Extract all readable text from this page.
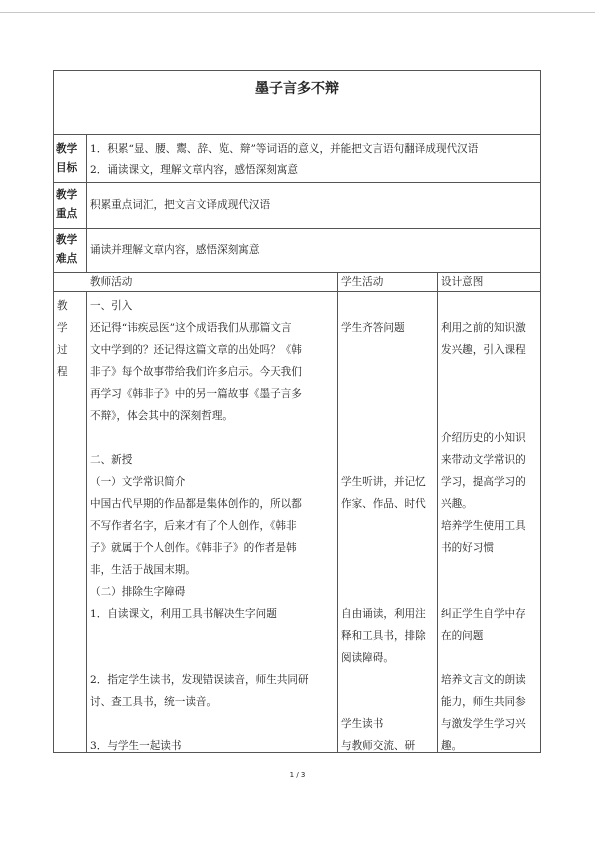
墨子言多不辩
教学
目标
1．积累“显、腰、鬻、辞、览、辩”等词语的意义，并能把文言语句翻译成现代汉语
2．诵读课文，理解文章内容，感悟深刻寓意
教学
重点
积累重点词汇，把文言文译成现代汉语
教学
难点
诵读并理解文章内容，感悟深刻寓意
教师活动	学生活动	设计意图
教
学
过
程
一、引入
还记得“讳疾忌医”这个成语我们从那篇文言
文中学到的？还记得这篇文章的出处吗？《韩
非子》每个故事带给我们许多启示。今天我们
再学习《韩非子》中的另一篇故事《墨子言多
不辩》，体会其中的深刻哲理。

二、新授
（一）文学常识简介
中国古代早期的作品都是集体创作的，所以都
不写作者名字，后来才有了个人创作，《韩非
子》就属于个人创作。《韩非子》的作者是韩
非，生活于战国末期。
（二）排除生字障碍
1．自读课文，利用工具书解决生字问题

2．指定学生读书，发现错误读音，师生共同研
讨、查工具书，统一读音。

3．与学生一起读书

学生齐答问题

学生听讲，并记忆
作家、作品、时代

自由诵读，利用注
释和工具书，排除
阅读障碍。

学生读书
与教师交流、研

利用之前的知识激
发兴趣，引入课程

介绍历史的小知识
来带动文学常识的
学习，提高学习的
兴趣。
培养学生使用工具
书的好习惯

纠正学生自学中存
在的问题

培养文言文的朗读
能力，师生共同参
与激发学生学习兴
趣。
1 / 3
